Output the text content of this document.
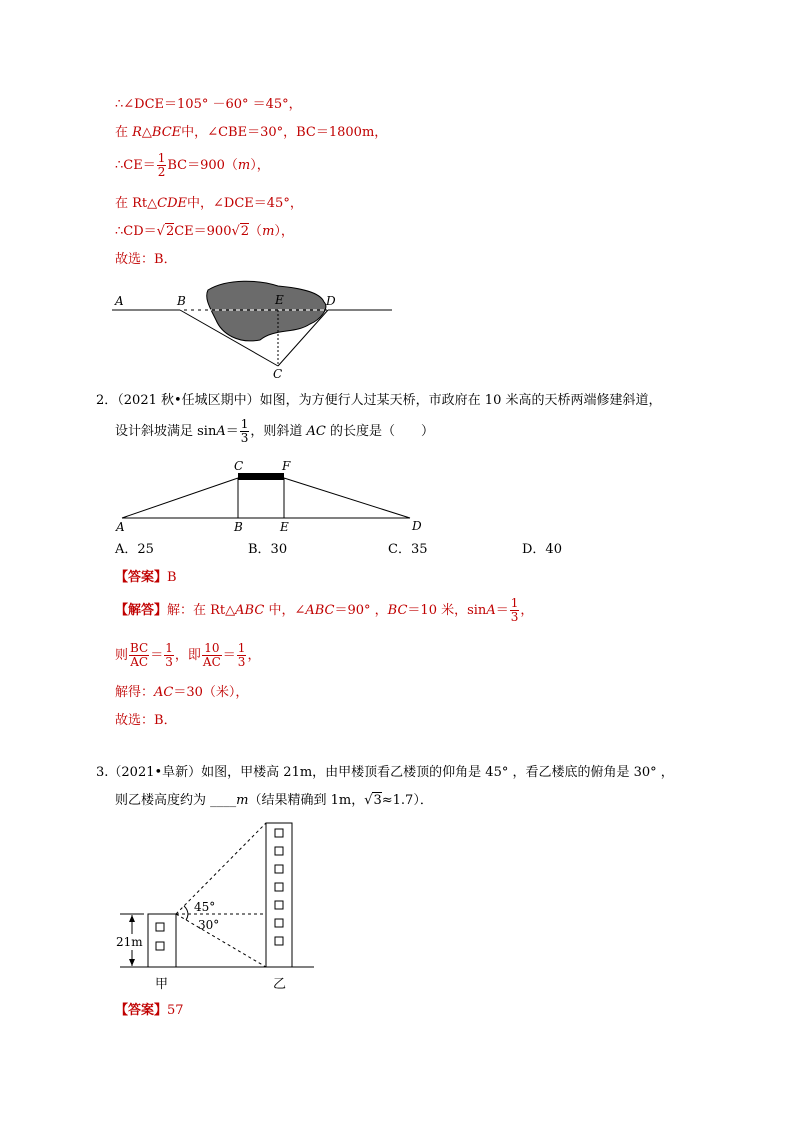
∴∠DCE＝105° －60° ＝45°，
在 R△BCE中，∠CBE＝30°，BC＝1800m，
∴CE＝ $\frac{1}{2} BC=900(m)$，
在 Rt△CDE中，∠DCE＝45°，
∴CD＝√2CE＝900√2（m），
故选：B．
A	B	E	D
C
2．（2021 秋•任城区期中）如图，为方便行人过某天桥，市政府在 10 米高的天桥两端修建斜道，
设计斜坡满足 $\sin A= \frac{1}{3}$ ，则斜道 AC 的长度是（　　）
C	F
A	B	E	D
A．25	B．30	C．35	D．40
【答案】B
【解答】解：在 Rt△ABC 中，∠ABC＝90° ，BC＝10 米，$\sin A= \frac{1}{3}$ ，
则 $\frac{BC}{AC} = \frac{1}{3}$ ，即 $\frac{10}{AC} = \frac{1}{3}$ ，
解得：AC＝30（米），
故选：B．
3.（2021•阜新）如图，甲楼高 21m，由甲楼顶看乙楼顶的仰角是 45° ，看乙楼底的俯角是 30° ，
则乙楼高度约为 ____m（结果精确到 1m，√3≈1.7）．
21m
45°
30°
甲	乙
【答案】57
